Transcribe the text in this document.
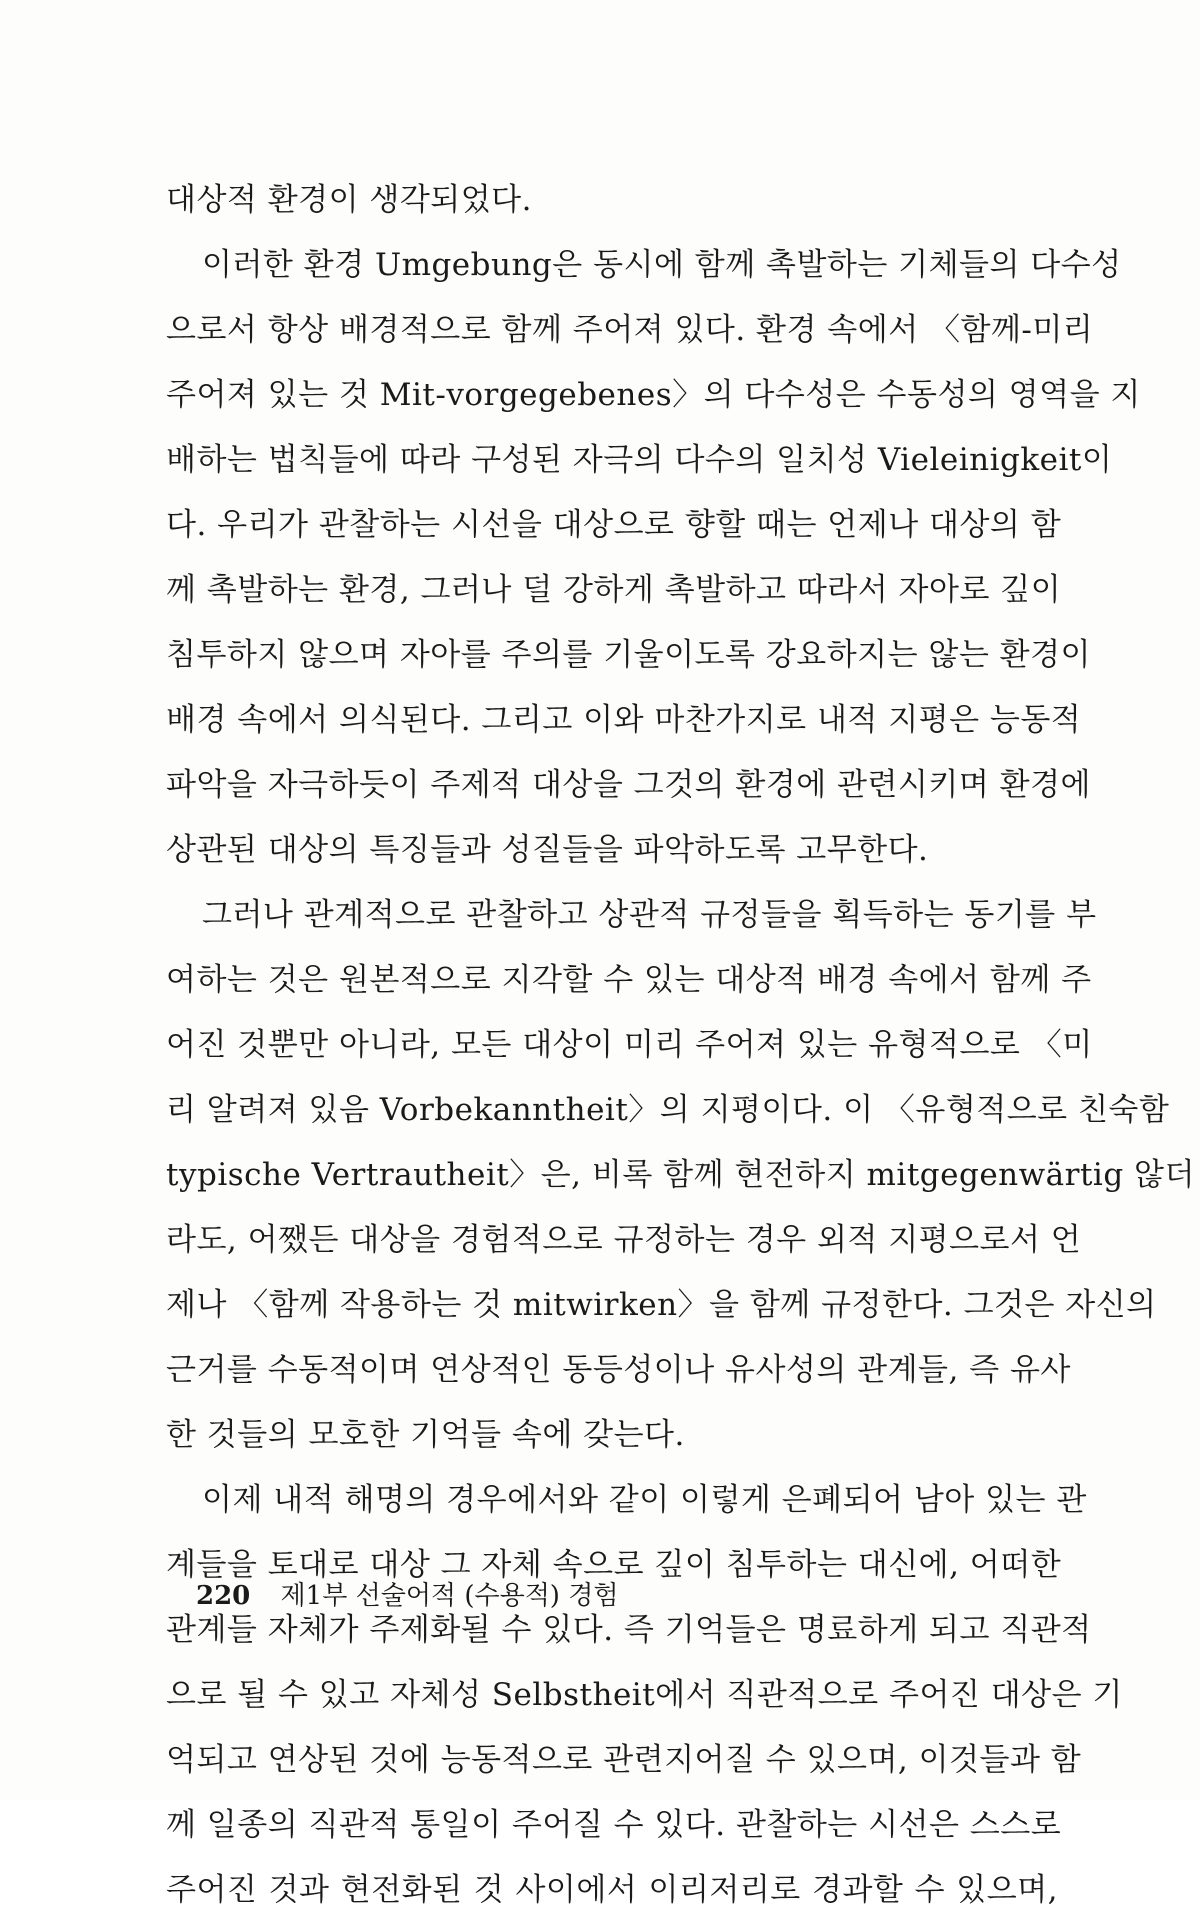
대상적 환경이 생각되었다.
이러한 환경 Umgebung은 동시에 함께 촉발하는 기체들의 다수성
으로서 항상 배경적으로 함께 주어져 있다. 환경 속에서 〈함께-미리
주어져 있는 것 Mit-vorgegebenes〉의 다수성은 수동성의 영역을 지
배하는 법칙들에 따라 구성된 자극의 다수의 일치성 Vieleinigkeit이
다. 우리가 관찰하는 시선을 대상으로 향할 때는 언제나 대상의 함
께 촉발하는 환경, 그러나 덜 강하게 촉발하고 따라서 자아로 깊이
침투하지 않으며 자아를 주의를 기울이도록 강요하지는 않는 환경이
배경 속에서 의식된다. 그리고 이와 마찬가지로 내적 지평은 능동적
파악을 자극하듯이 주제적 대상을 그것의 환경에 관련시키며 환경에
상관된 대상의 특징들과 성질들을 파악하도록 고무한다.
그러나 관계적으로 관찰하고 상관적 규정들을 획득하는 동기를 부
여하는 것은 원본적으로 지각할 수 있는 대상적 배경 속에서 함께 주
어진 것뿐만 아니라, 모든 대상이 미리 주어져 있는 유형적으로 〈미
리 알려져 있음 Vorbekanntheit〉의 지평이다. 이 〈유형적으로 친숙함
typische Vertrautheit〉은, 비록 함께 현전하지 mitgegenwärtig 않더
라도, 어쨌든 대상을 경험적으로 규정하는 경우 외적 지평으로서 언
제나 〈함께 작용하는 것 mitwirken〉을 함께 규정한다. 그것은 자신의
근거를 수동적이며 연상적인 동등성이나 유사성의 관계들, 즉 유사
한 것들의 모호한 기억들 속에 갖는다.
이제 내적 해명의 경우에서와 같이 이렇게 은폐되어 남아 있는 관
계들을 토대로 대상 그 자체 속으로 깊이 침투하는 대신에, 어떠한
관계들 자체가 주제화될 수 있다. 즉 기억들은 명료하게 되고 직관적
으로 될 수 있고 자체성 Selbstheit에서 직관적으로 주어진 대상은 기
억되고 연상된 것에 능동적으로 관련지어질 수 있으며, 이것들과 함
께 일종의 직관적 통일이 주어질 수 있다. 관찰하는 시선은 스스로
주어진 것과 현전화된 것 사이에서 이리저리로 경과할 수 있으며,
220 제1부 선술어적 (수용적) 경험
